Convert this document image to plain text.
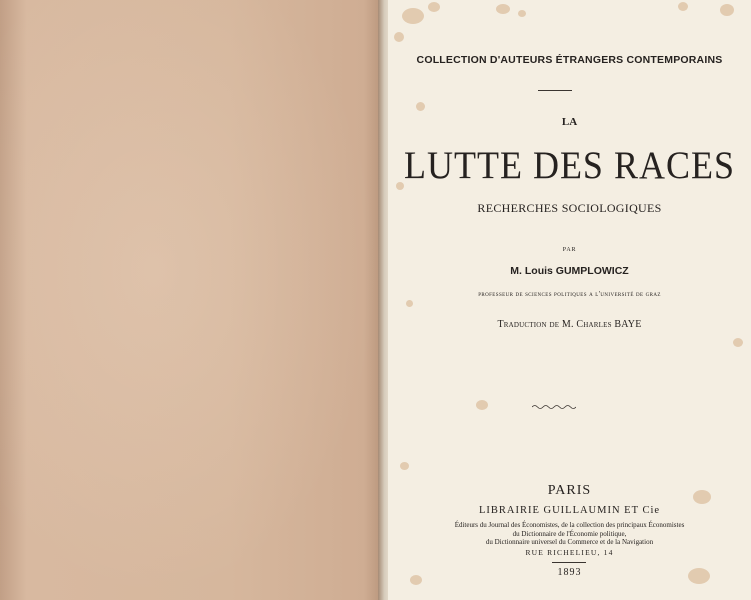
COLLECTION D'AUTEURS ÉTRANGERS CONTEMPORAINS

LA

LUTTE DES RACES

RECHERCHES SOCIOLOGIQUES

PAR

M. Louis GUMPLOWICZ

professeur de sciences politiques a l'université de graz

Traduction de M. Charles BAYE

PARIS

LIBRAIRIE GUILLAUMIN ET Cie

Éditeurs du Journal des Économistes, de la collection des principaux Économistes
du Dictionnaire de l'Économie politique,
du Dictionnaire universel du Commerce et de la Navigation

RUE RICHELIEU, 14

1893
